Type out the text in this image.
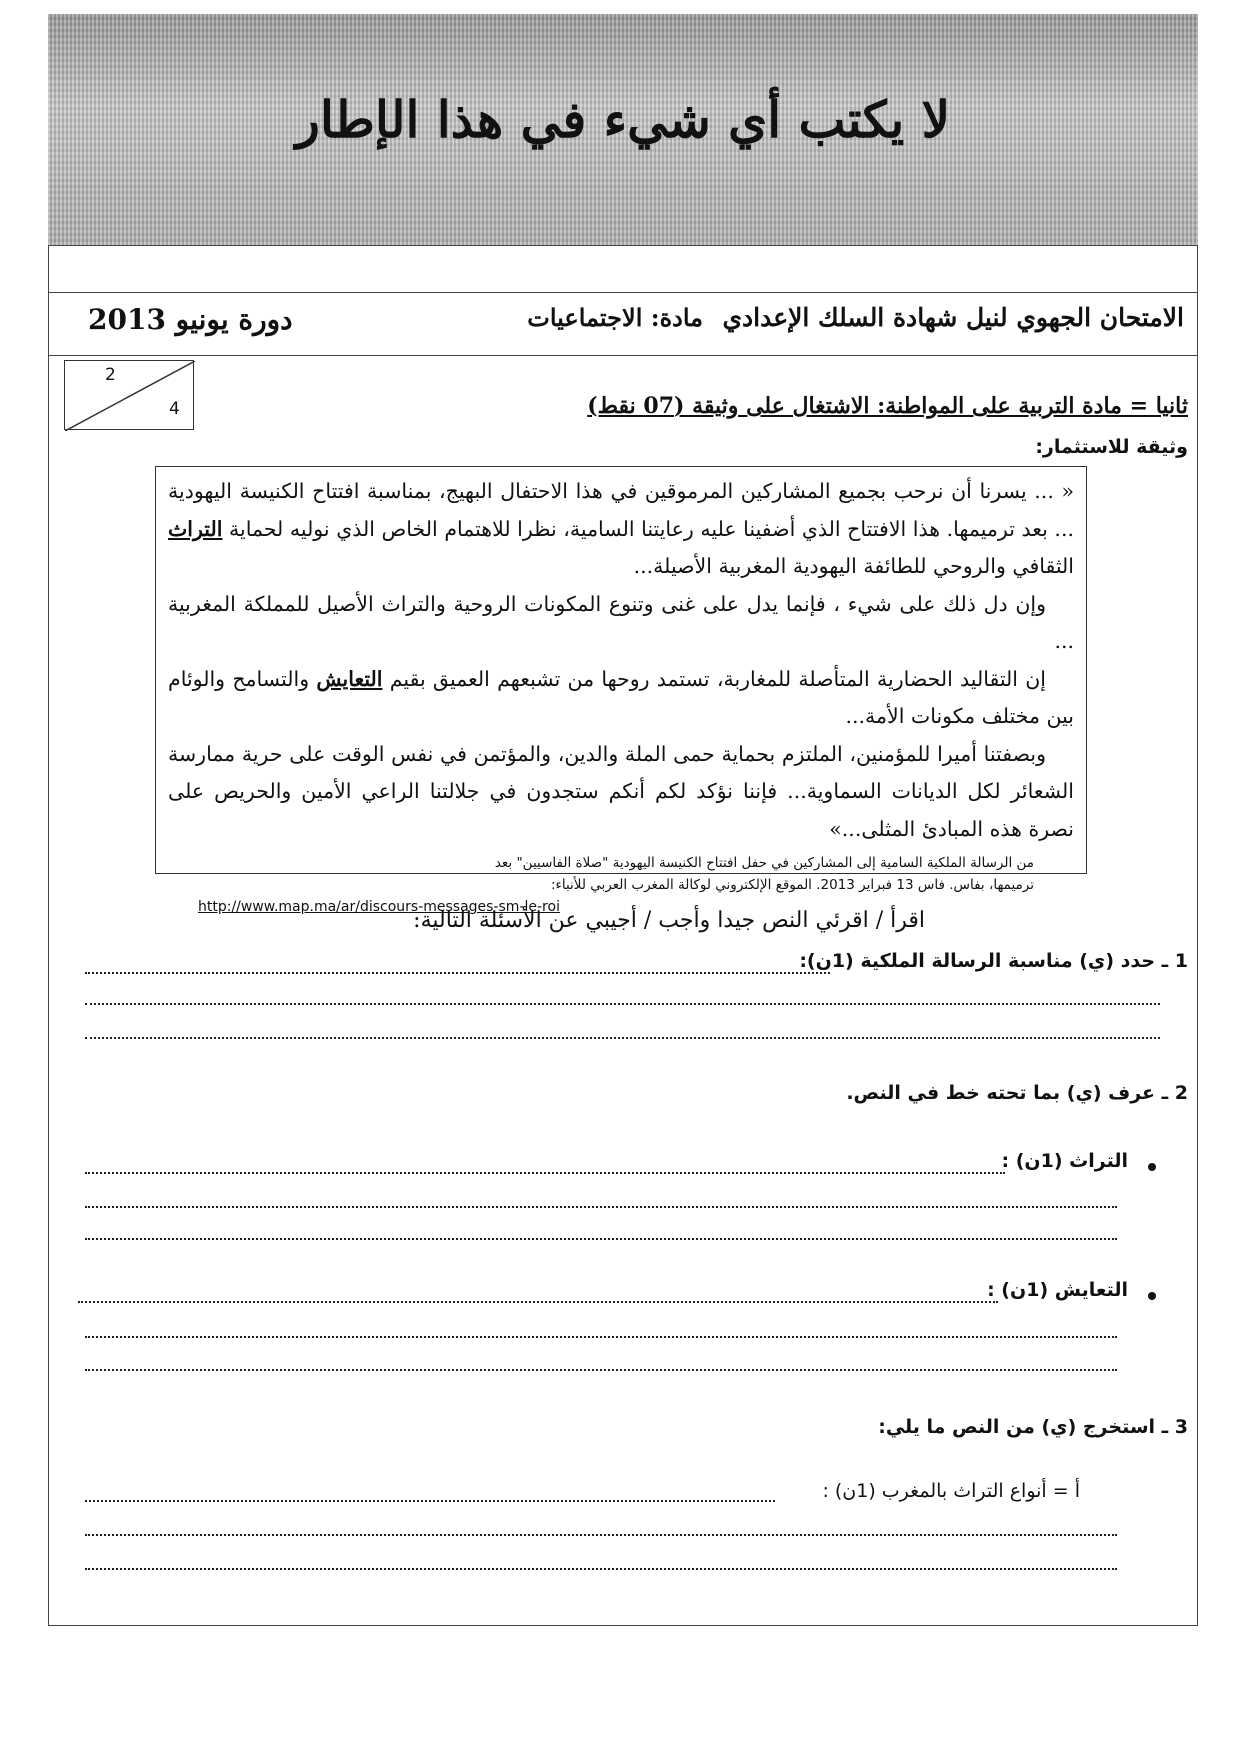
لا يكتب أي شيء في هذا الإطار
الامتحان الجهوي لنيل شهادة السلك الإعدادي
مادة: الاجتماعيات
دورة يونيو 2013
2
4	ثانيا = مادة التربية على المواطنة: الاشتغال على وثيقة (07 نقط)
وثيقة للاستثمار:

« ... يسرنا أن نرحب بجميع المشاركين المرموقين في هذا الاحتفال البهيج، بمناسبة افتتاح الكنيسة اليهودية ... بعد ترميمها. هذا الافتتاح الذي أضفينا عليه رعايتنا السامية، نظرا للاهتمام الخاص الذي نوليه لحماية التراث الثقافي والروحي للطائفة اليهودية المغربية الأصيلة...

وإن دل ذلك على شيء ، فإنما يدل على غنى وتنوع المكونات الروحية والتراث الأصيل للمملكة المغربية ...

إن التقاليد الحضارية المتأصلة للمغاربة، تستمد روحها من تشبعهم العميق بقيم التعايش والتسامح والوئام بين مختلف مكونات الأمة...

وبصفتنا أميرا للمؤمنين، الملتزم بحماية حمى الملة والدين، والمؤتمن في نفس الوقت على حرية ممارسة الشعائر لكل الديانات السماوية... فإننا نؤكد لكم أنكم ستجدون في جلالتنا الراعي الأمين والحريص على نصرة هذه المبادئ المثلى...»

من الرسالة الملكية السامية إلى المشاركين في حفل افتتاح الكنيسة اليهودية "صلاة الفاسيين" بعد
ترميمها، بفاس. فاس 13 فبراير 2013. الموقع الإلكتروني لوكالة المغرب العربي للأنباء:
http://www.map.ma/ar/discours-messages-sm-le-roi
اقرأ / اقرئي النص جيدا وأجب / أجيبي عن الأسئلة التالية:
1 ـ حدد (ي) مناسبة الرسالة الملكية (1ن):
2 ـ عرف (ي) بما تحته خط في النص.
التراث (1ن) :
التعايش (1ن) :
3 ـ استخرج (ي) من النص ما يلي:
أ = أنواع التراث بالمغرب (1ن) :
